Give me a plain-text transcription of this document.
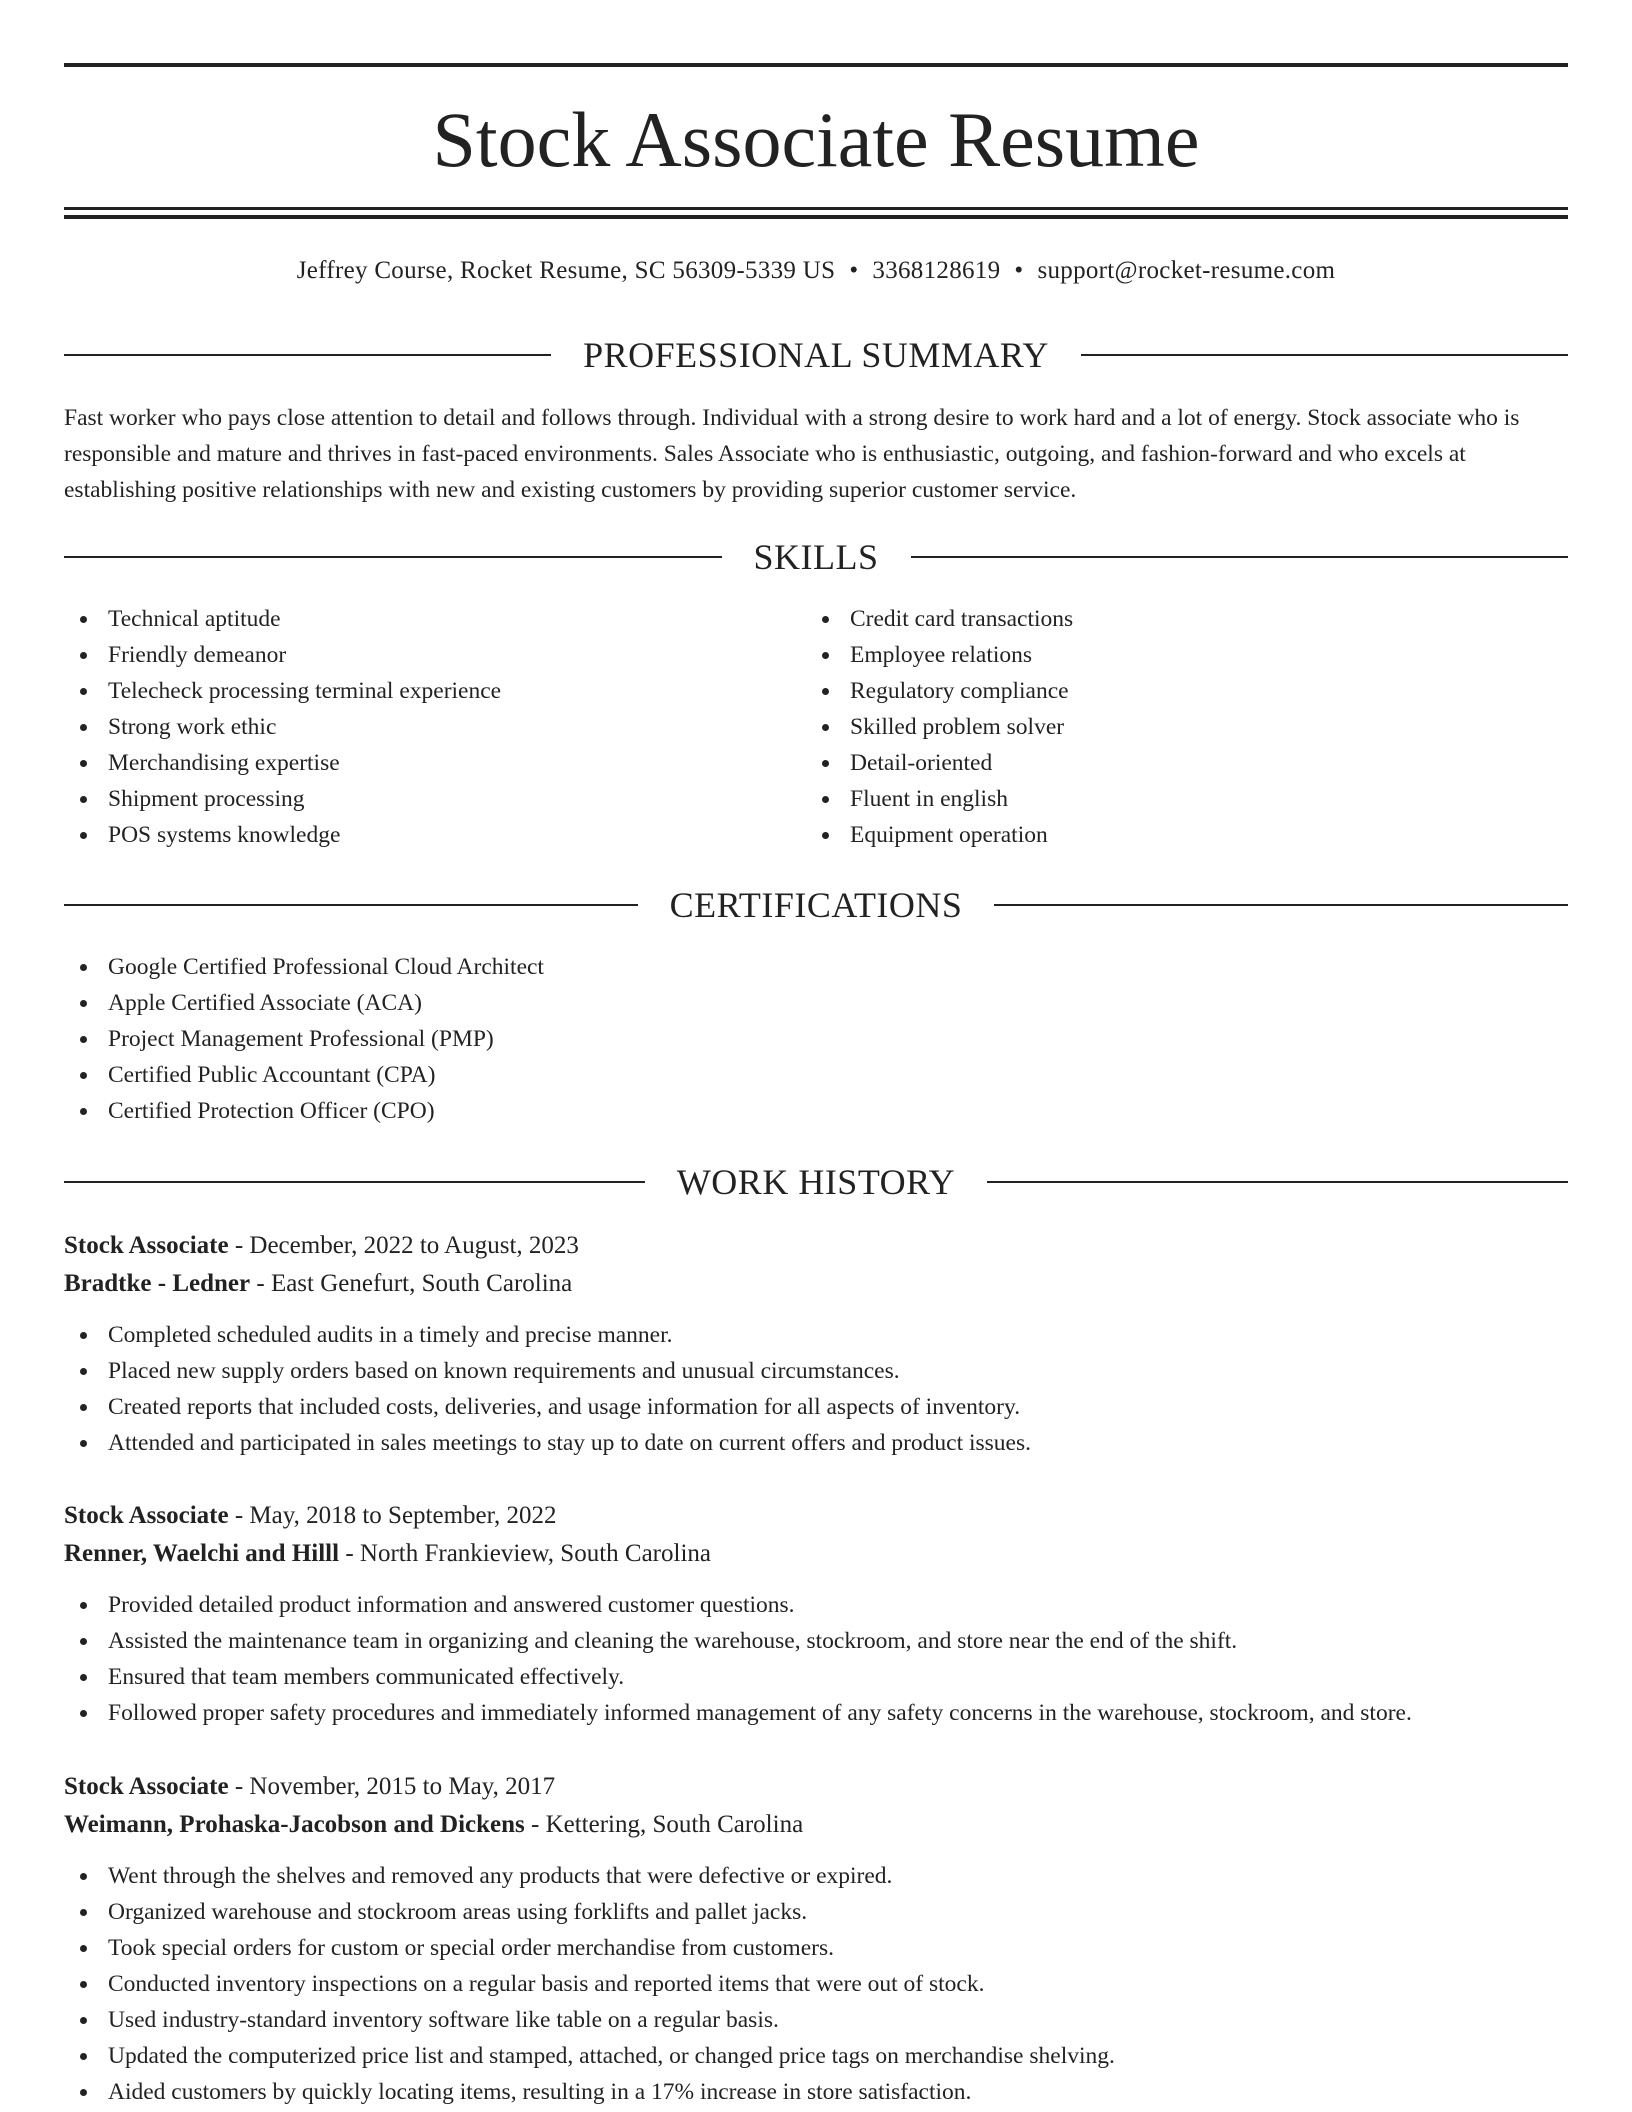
Stock Associate Resume
Jeffrey Course, Rocket Resume, SC 56309-5339 US • 3368128619 • support@rocket-resume.com
PROFESSIONAL SUMMARY

Fast worker who pays close attention to detail and follows through. Individual with a strong desire to work hard and a lot of energy. Stock associate who is responsible and mature and thrives in fast-paced environments. Sales Associate who is enthusiastic, outgoing, and fashion-forward and who excels at establishing positive relationships with new and existing customers by providing superior customer service.

SKILLS
Technical aptitude
Friendly demeanor
Telecheck processing terminal experience
Strong work ethic
Merchandising expertise
Shipment processing
POS systems knowledge
Credit card transactions
Employee relations
Regulatory compliance
Skilled problem solver
Detail-oriented
Fluent in english
Equipment operation
CERTIFICATIONS
Google Certified Professional Cloud Architect
Apple Certified Associate (ACA)
Project Management Professional (PMP)
Certified Public Accountant (CPA)
Certified Protection Officer (CPO)
WORK HISTORY
Stock Associate - December, 2022 to August, 2023
Bradtke - Ledner - East Genefurt, South Carolina
Completed scheduled audits in a timely and precise manner.
Placed new supply orders based on known requirements and unusual circumstances.
Created reports that included costs, deliveries, and usage information for all aspects of inventory.
Attended and participated in sales meetings to stay up to date on current offers and product issues.
Stock Associate - May, 2018 to September, 2022
Renner, Waelchi and Hilll - North Frankieview, South Carolina
Provided detailed product information and answered customer questions.
Assisted the maintenance team in organizing and cleaning the warehouse, stockroom, and store near the end of the shift.
Ensured that team members communicated effectively.
Followed proper safety procedures and immediately informed management of any safety concerns in the warehouse, stockroom, and store.
Stock Associate - November, 2015 to May, 2017
Weimann, Prohaska-Jacobson and Dickens - Kettering, South Carolina
Went through the shelves and removed any products that were defective or expired.
Organized warehouse and stockroom areas using forklifts and pallet jacks.
Took special orders for custom or special order merchandise from customers.
Conducted inventory inspections on a regular basis and reported items that were out of stock.
Used industry-standard inventory software like table on a regular basis.
Updated the computerized price list and stamped, attached, or changed price tags on merchandise shelving.
Aided customers by quickly locating items, resulting in a 17% increase in store satisfaction.
